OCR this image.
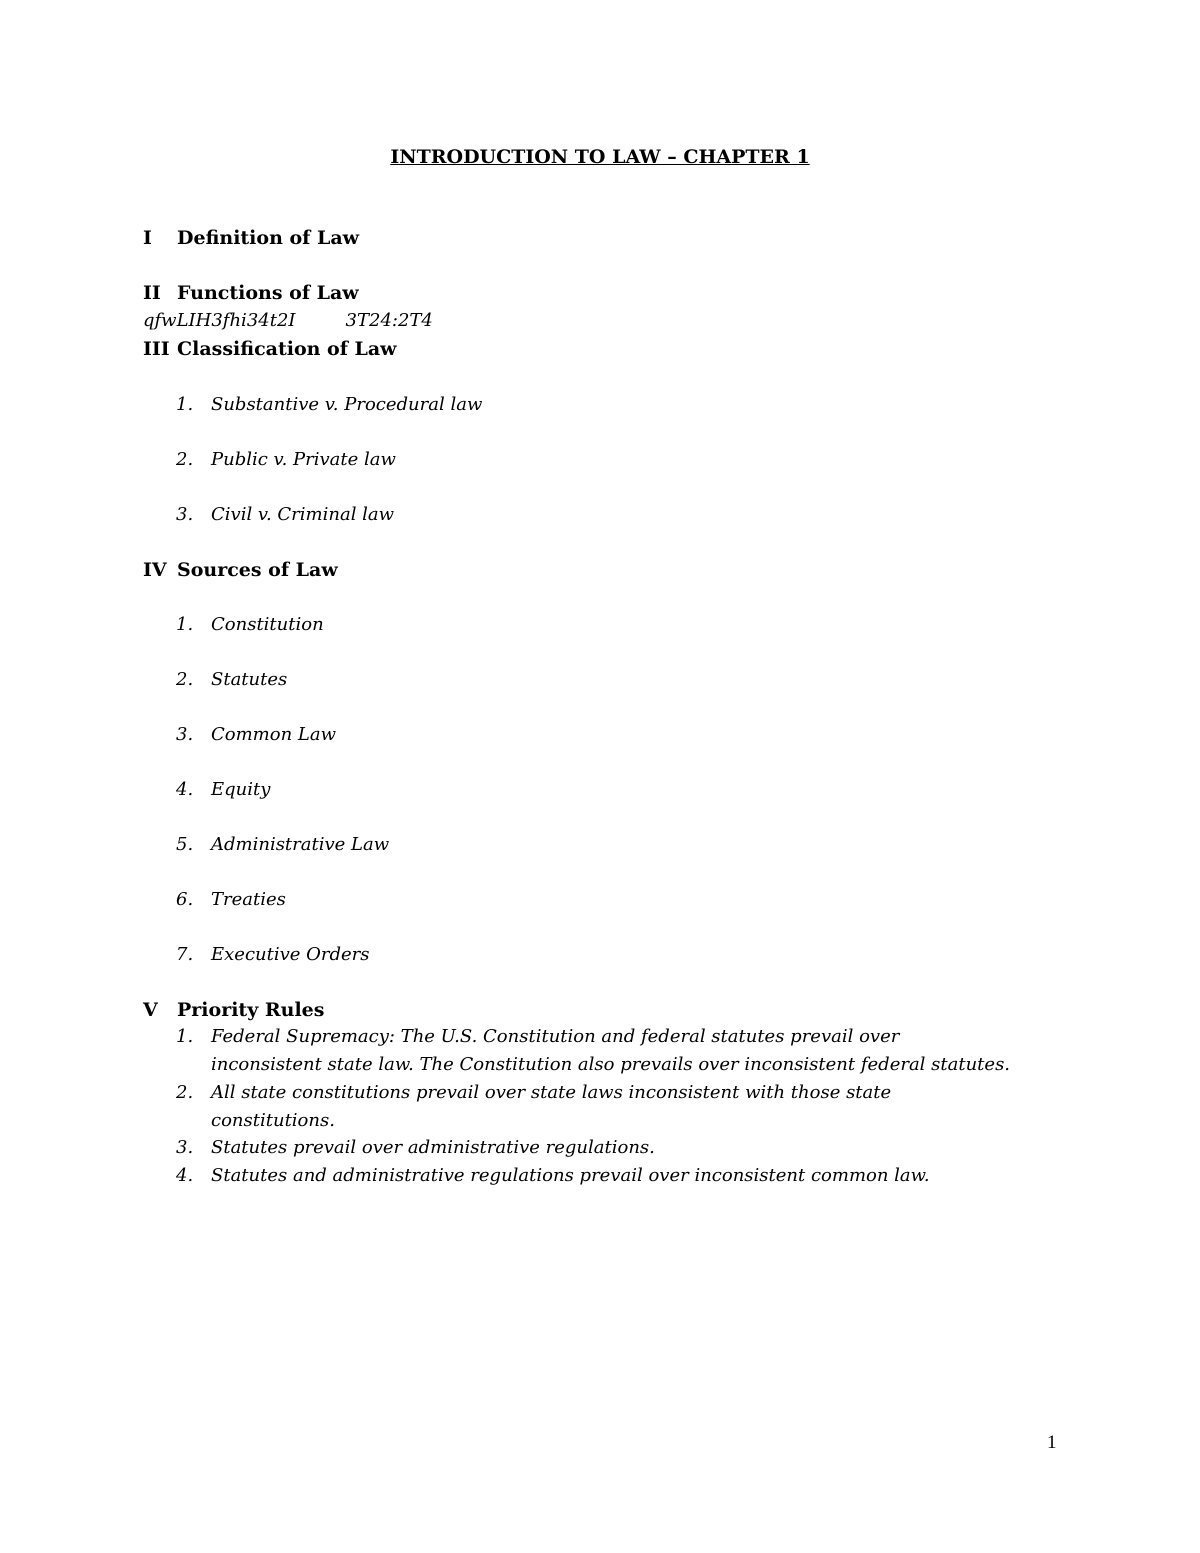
INTRODUCTION TO LAW – CHAPTER 1
I Definition of Law
II Functions of Law
qfwLIH3fhi34t2I	3T24:2T4
III Classification of Law
1. Substantive v. Procedural law
2. Public v. Private law
3. Civil v. Criminal law
IV Sources of Law
1. Constitution
2. Statutes
3. Common Law
4. Equity
5. Administrative Law
6. Treaties
7. Executive Orders
V Priority Rules
1. Federal Supremacy: The U.S. Constitution and federal statutes prevail over
inconsistent state law. The Constitution also prevails over inconsistent federal statutes.
2. All state constitutions prevail over state laws inconsistent with those state
constitutions.
3. Statutes prevail over administrative regulations.
4. Statutes and administrative regulations prevail over inconsistent common law.
1
